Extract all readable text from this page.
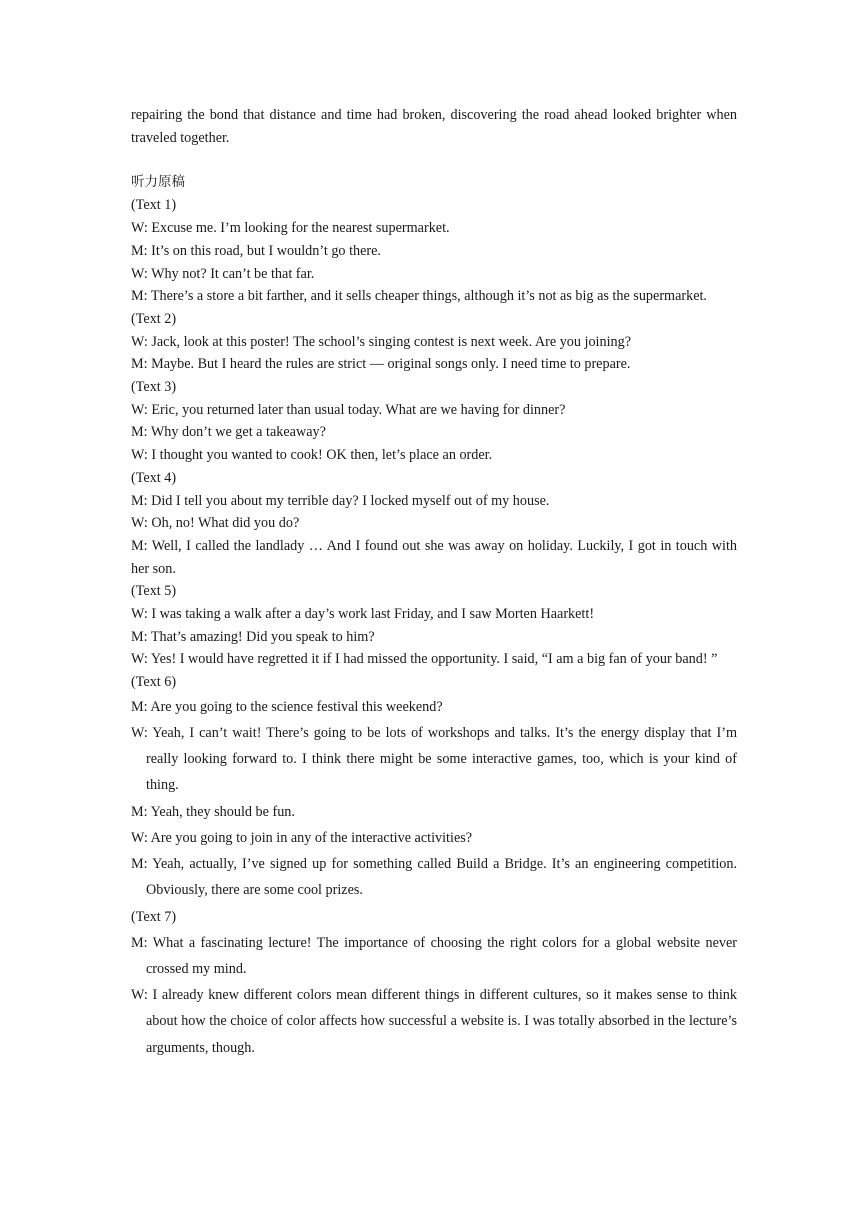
repairing the bond that distance and time had broken, discovering the road ahead looked brighter when traveled together.

听力原稿

(Text 1)

W: Excuse me. I’m looking for the nearest supermarket.

M: It’s on this road, but I wouldn’t go there.

W: Why not? It can’t be that far.

M: There’s a store a bit farther, and it sells cheaper things, although it’s not as big as the supermarket.

(Text 2)

W: Jack, look at this poster! The school’s singing contest is next week. Are you joining?

M: Maybe. But I heard the rules are strict — original songs only. I need time to prepare.

(Text 3)

W: Eric, you returned later than usual today. What are we having for dinner?

M: Why don’t we get a takeaway?

W: I thought you wanted to cook! OK then, let’s place an order.

(Text 4)

M: Did I tell you about my terrible day? I locked myself out of my house.

W: Oh, no! What did you do?

M: Well, I called the landlady … And I found out she was away on holiday. Luckily, I got in touch with her son.

(Text 5)

W: I was taking a walk after a day’s work last Friday, and I saw Morten Haarkett!

M: That’s amazing! Did you speak to him?

W: Yes! I would have regretted it if I had missed the opportunity. I said, “I am a big fan of your band! ”

(Text 6)

M: Are you going to the science festival this weekend?

W: Yeah, I can’t wait! There’s going to be lots of workshops and talks. It’s the energy display that I’m really looking forward to. I think there might be some interactive games, too, which is your kind of thing.

M: Yeah, they should be fun.

W: Are you going to join in any of the interactive activities?

M: Yeah, actually, I’ve signed up for something called Build a Bridge. It’s an engineering competition. Obviously, there are some cool prizes.

(Text 7)

M: What a fascinating lecture! The importance of choosing the right colors for a global website never crossed my mind.

W: I already knew different colors mean different things in different cultures, so it makes sense to think about how the choice of color affects how successful a website is. I was totally absorbed in the lecture’s arguments, though.
